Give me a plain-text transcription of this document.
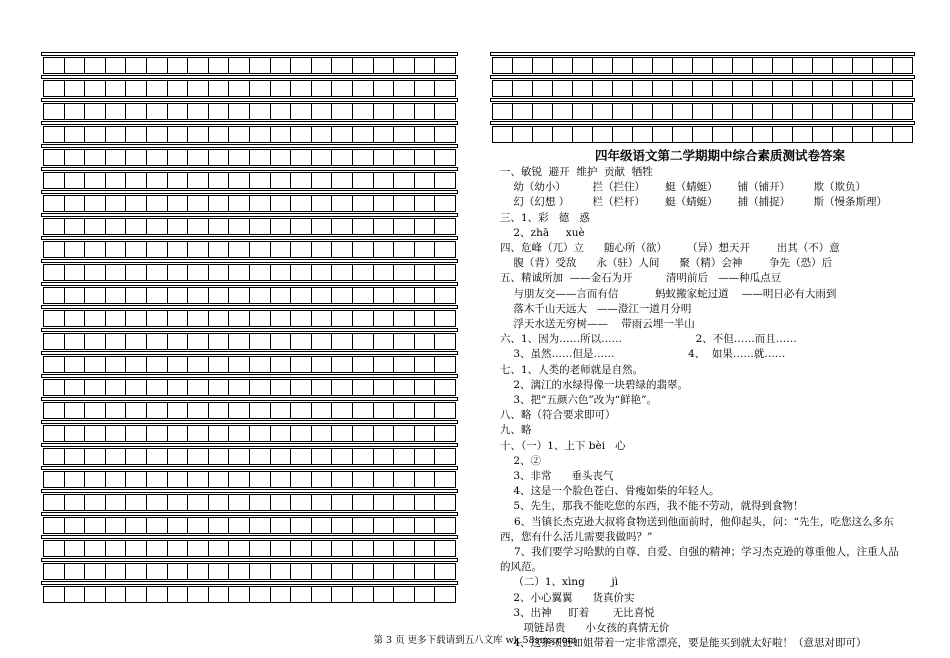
四年级语文第二学期期中综合素质测试卷答案
一、敏锐  避开  维护  贡献  牺牲
幼（幼小）        拦（拦住）      蜓（蜻蜓）      铺（铺开）       欺（欺负）
幻（幻想 ）       栏（栏杆）      蜓（蜻蜓）      捕（捕捉）       斯（慢条斯理）
三、1、彩   德   惑
2、zhā     xuè
四、危峰（兀）立      随心所（欲）      （异）想天开        出其（不）意
腹（背）受敌      永（驻）人间      聚（精）会神        争先（恐）后
五、精诚所加  ——金石为开          清明前后   ——种瓜点豆
与朋友交——言而有信           蚂蚁搬家蛇过道    ——明日必有大雨到
落木千山天远大   ——澄江一道月分明
浮天水送无穷树——    带雨云埋一半山
六、1、因为……所以……                      2、不但……而且……
3、虽然……但是……                      4、  如果……就……
七、1、人类的老师就是自然。
2、漓江的水绿得像一块碧绿的翡翠。
3、把“五颜六色”改为“鲜艳”。
八、略（符合要求即可）
九、略
十、（一）1、上下 bèi   心
2、②
3、非常      垂头丧气
4、这是一个脸色苍白、骨瘦如柴的年轻人。
5、先生，那我不能吃您的东西，我不能不劳动，就得到食物！
6、当镇长杰克逊大叔将食物送到他面前时，他仰起头，问：“先生，吃您这么多东西，您有什么活儿需要我做吗？”
7、我们要学习哈默的自尊、自爱、自强的精神；学习杰克逊的尊重他人，注重人品的风范。
（二）1、xìng        jì
2、小心翼翼      货真价实
3、出神     盯着       无比喜悦
项链昂贵      小女孩的真情无价
4、这条项链如姐带着一定非常漂亮，要是能买到就太好啦！（意思对即可）
第 3 页 更多下载请到五八文库 wk.58sms.com
